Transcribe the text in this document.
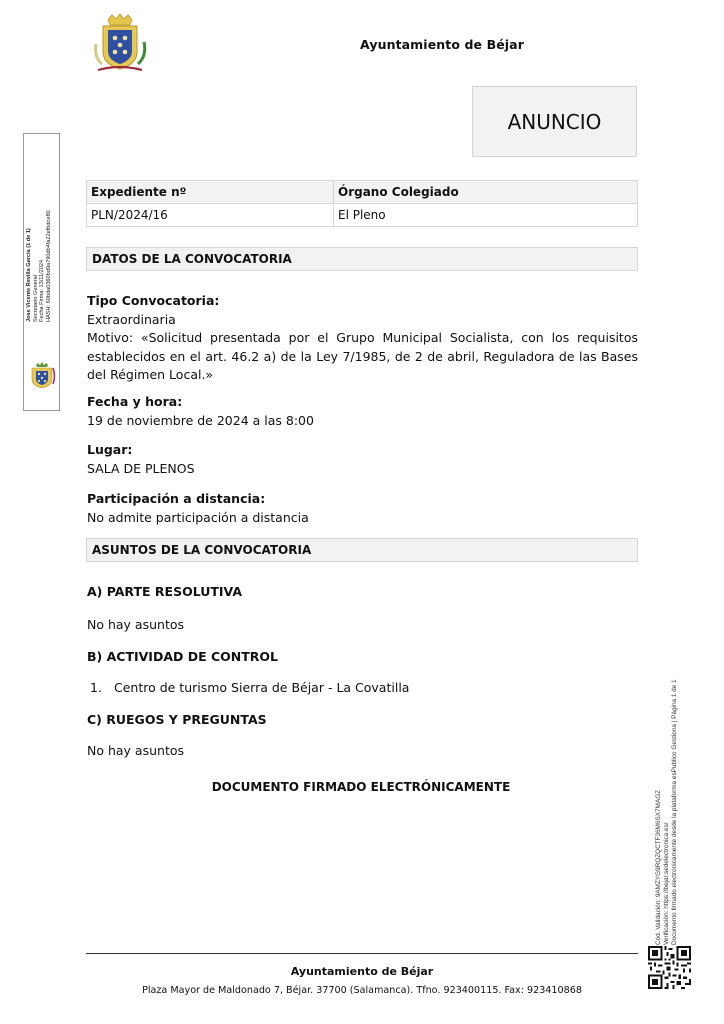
Ayuntamiento de Béjar
ANUNCIO
Jose Vicente Revilla García (1 de 1) Secretario General Fecha Firma: 13/11/2024 HASH: 60bda0360bd9a790db4fa22efbdce80
Expediente nº	Órgano Colegiado
PLN/2024/16	El Pleno
DATOS DE LA CONVOCATORIA
Tipo Convocatoria:
Extraordinaria
Motivo: «Solicitud presentada por el Grupo Municipal Socialista, con los requisitos establecidos en el art. 46.2 a) de la Ley 7/1985, de 2 de abril, Reguladora de las Bases del Régimen Local.»
Fecha y hora:
19 de noviembre de 2024 a las 8:00
Lugar:
SALA DE PLENOS
Participación a distancia:
No admite participación a distancia
ASUNTOS DE LA CONVOCATORIA
A) PARTE RESOLUTIVA
No hay asuntos
B) ACTIVIDAD DE CONTROL
1. Centro de turismo Sierra de Béjar - La Covatilla
C) RUEGOS Y PREGUNTAS
No hay asuntos
DOCUMENTO FIRMADO ELECTRÓNICAMENTE
Cód. Validación: 9AMZYG9RQZQCTF36M6SX7MAGZ Verificación: https://bejar.sedelectronica.es/ Documento firmado electrónicamente desde la plataforma esPublico Gestiona | Página 1 de 1
Ayuntamiento de Béjar
Plaza Mayor de Maldonado 7, Béjar. 37700 (Salamanca). Tfno. 923400115. Fax: 923410868
